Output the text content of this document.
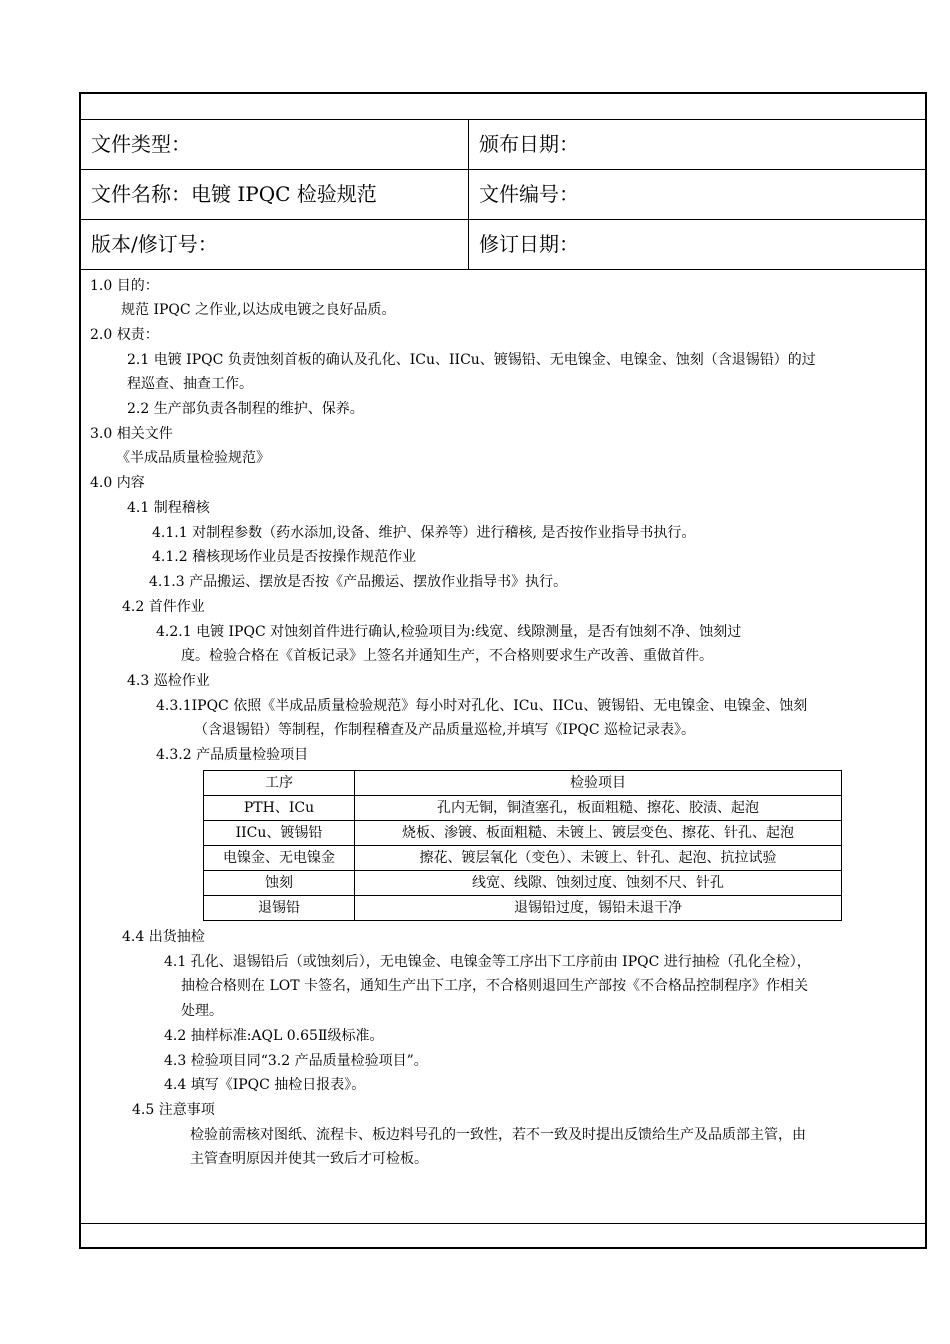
文件类型：	颁布日期：
文件名称：电镀 IPQC 检验规范	文件编号：
版本/修订号：	修订日期：
1.0 目的：
规范 IPQC 之作业,以达成电镀之良好品质。
2.0 权责：
2.1 电镀 IPQC 负责蚀刻首板的确认及孔化、ICu、IICu、镀锡铅、无电镍金、电镍金、蚀刻（含退锡铅）的过
程巡查、抽查工作。
2.2 生产部负责各制程的维护、保养。
3.0 相关文件
《半成品质量检验规范》
4.0 内容
4.1 制程稽核
4.1.1 对制程参数（药水添加,设备、维护、保养等）进行稽核, 是否按作业指导书执行。
4.1.2 稽核现场作业员是否按操作规范作业
4.1.3 产品搬运、摆放是否按《产品搬运、摆放作业指导书》执行。
4.2 首件作业
4.2.1 电镀 IPQC 对蚀刻首件进行确认,检验项目为:线宽、线隙测量，是否有蚀刻不净、蚀刻过
度。检验合格在《首板记录》上签名并通知生产，不合格则要求生产改善、重做首件。
4.3 巡检作业
4.3.1IPQC 依照《半成品质量检验规范》每小时对孔化、ICu、IICu、镀锡铅、无电镍金、电镍金、蚀刻
（含退锡铅）等制程，作制程稽查及产品质量巡检,并填写《IPQC 巡检记录表》。
4.3.2 产品质量检验项目
工序	检验项目
PTH、ICu	孔内无铜，铜渣塞孔，板面粗糙、擦花、胶渍、起泡
IICu、镀锡铅	烧板、渗镀、板面粗糙、未镀上、镀层变色、擦花、针孔、起泡
电镍金、无电镍金	擦花、镀层氧化（变色）、未镀上、针孔、起泡、抗拉试验
蚀刻	线宽、线隙、蚀刻过度、蚀刻不尺、针孔
退锡铅	退锡铅过度，锡铅未退干净
4.4 出货抽检
4.1 孔化、退锡铅后（或蚀刻后），无电镍金、电镍金等工序出下工序前由 IPQC 进行抽检（孔化全检），
抽检合格则在 LOT 卡签名，通知生产出下工序，不合格则退回生产部按《不合格品控制程序》作相关
处理。
4.2 抽样标准:AQL 0.65Ⅱ级标准。
4.3 检验项目同“3.2 产品质量检验项目”。
4.4 填写《IPQC 抽检日报表》。
4.5 注意事项
检验前需核对图纸、流程卡、板边料号孔的一致性，若不一致及时提出反馈给生产及品质部主管，由
主管查明原因并使其一致后才可检板。
